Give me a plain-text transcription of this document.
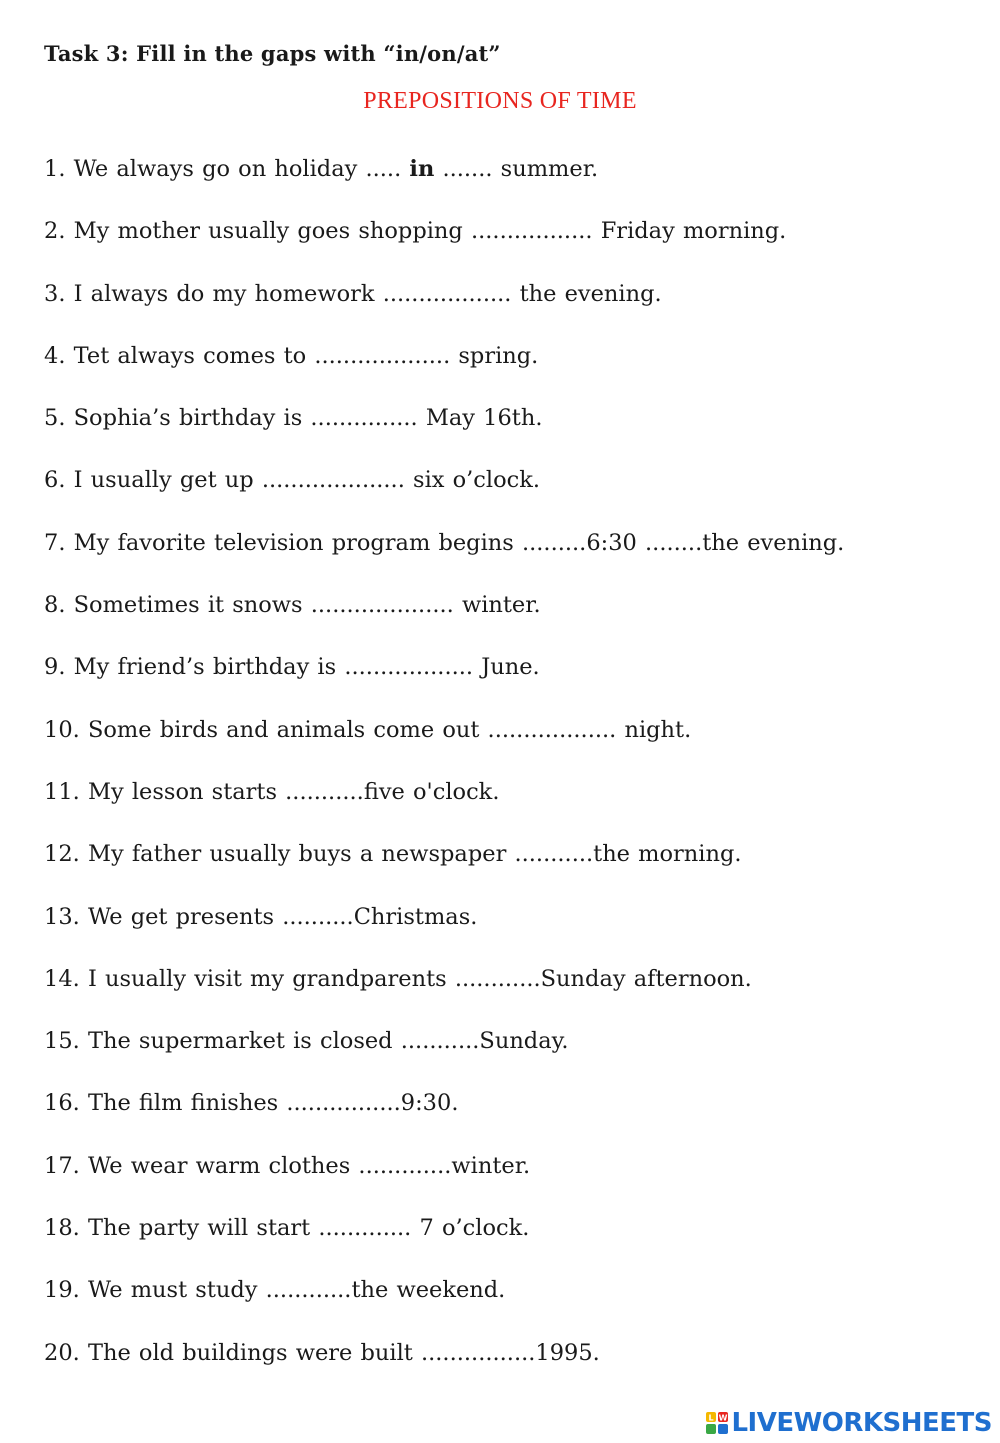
Task 3: Fill in the gaps with “in/on/at”
PREPOSITIONS OF TIME
1. We always go on holiday ..... in ....... summer.
2. My mother usually goes shopping ................. Friday morning.
3. I always do my homework .................. the evening.
4. Tet always comes to ................... spring.
5. Sophia’s birthday is ............... May 16th.
6. I usually get up .................... six o’clock.
7. My favorite television program begins .........6:30 ........the evening.
8. Sometimes it snows .................... winter.
9. My friend’s birthday is .................. June.
10. Some birds and animals come out .................. night.
11. My lesson starts ...........five o'clock.
12. My father usually buys a newspaper ...........the morning.
13. We get presents ..........Christmas.
14. I usually visit my grandparents ............Sunday afternoon.
15. The supermarket is closed ...........Sunday.
16. The film finishes ................9:30.
17. We wear warm clothes .............winter.
18. The party will start ............. 7 o’clock.
19. We must study ............the weekend.
20. The old buildings were built ................1995.
L W LIVEWORKSHEETS
